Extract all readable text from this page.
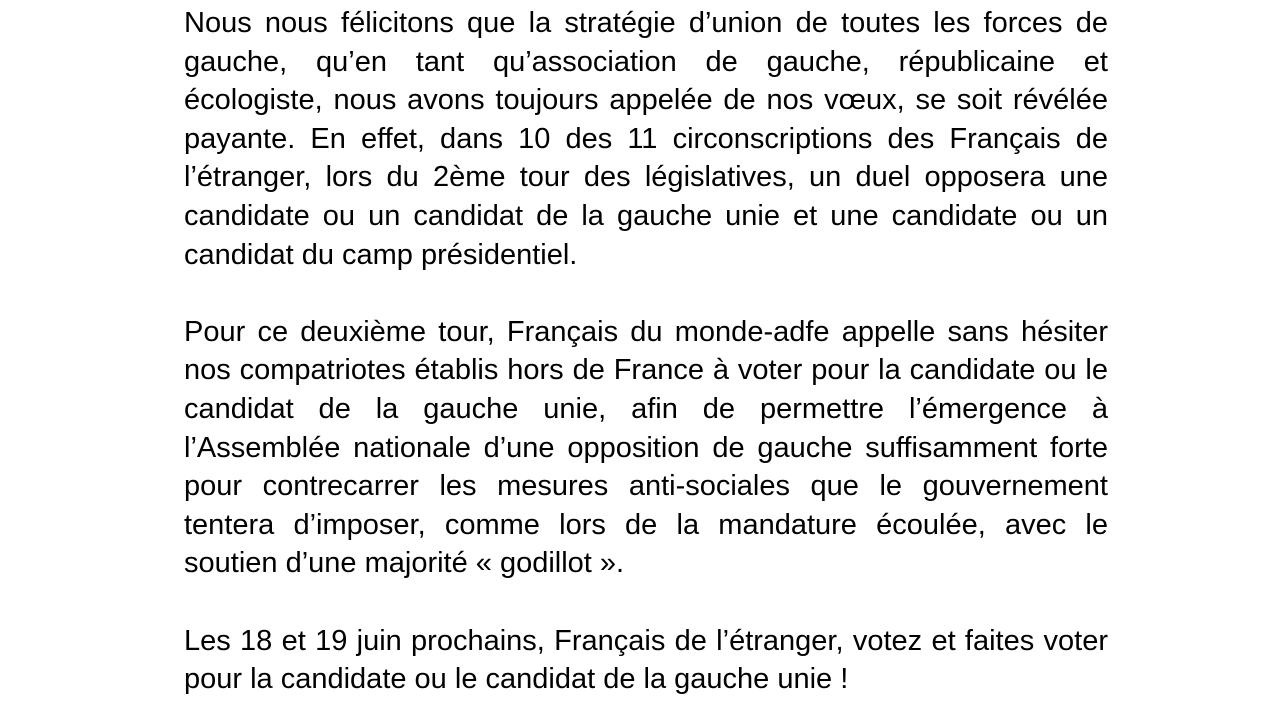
Nous nous félicitons que la stratégie d’union de toutes les forces de gauche, qu’en tant qu’association de gauche, républicaine et écologiste, nous avons toujours appelée de nos vœux, se soit révélée payante. En effet, dans 10 des 11 circonscriptions des Français de l’étranger, lors du 2ème tour des législatives, un duel opposera une candidate ou un candidat de la gauche unie et une candidate ou un candidat du camp présidentiel.

Pour ce deuxième tour, Français du monde-adfe appelle sans hésiter nos compatriotes établis hors de France à voter pour la candidate ou le candidat de la gauche unie, afin de permettre l’émergence à l’Assemblée nationale d’une opposition de gauche suffisamment forte pour contrecarrer les mesures anti-sociales que le gouvernement tentera d’imposer, comme lors de la mandature écoulée, avec le soutien d’une majorité « godillot ».

Les 18 et 19 juin prochains, Français de l’étranger, votez et faites voter pour la candidate ou le candidat de la gauche unie !
